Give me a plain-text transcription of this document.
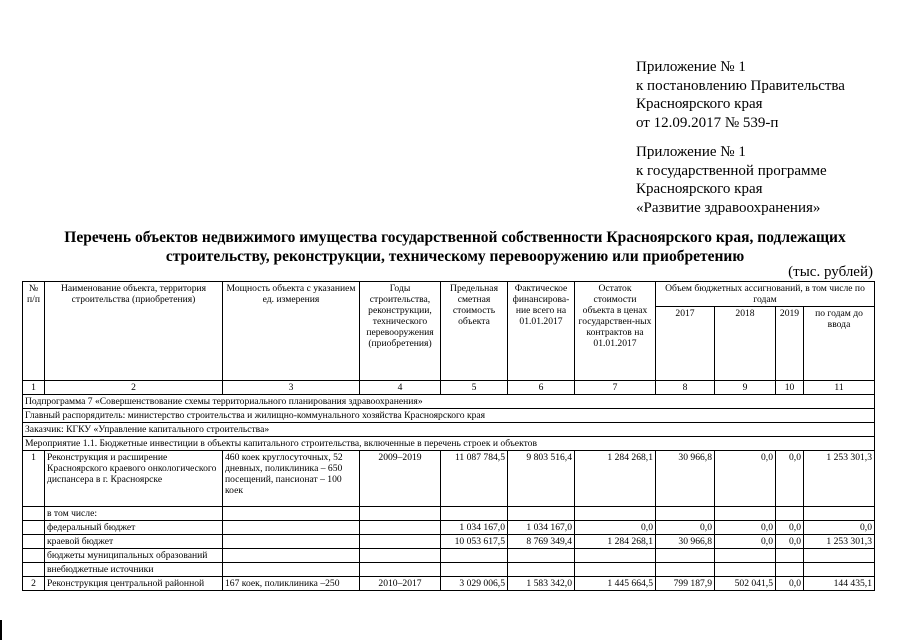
Приложение № 1
к постановлению Правительства
Красноярского края
от 12.09.2017 № 539-п
Приложение № 1
к государственной программе
Красноярского края
«Развитие здравоохранения»
Перечень объектов недвижимого имущества государственной собственности Красноярского края, подлежащих
строительству, реконструкции, техническому перевооружению или приобретению
(тыс. рублей)
№ п/п	Наименование объекта, территория строительства (приобретения)	Мощность объекта с указанием ед. измерения	Годы строительства, реконструкции, технического перевооружения (приобретения)	Предельная сметная стоимость объекта	Фактическое финансирова-ние всего на 01.01.2017	Остаток стоимости объекта в ценах государствен-ных контрактов на 01.01.2017	Объем бюджетных ассигнований, в том числе по годам			
							2017	2018	2019	по годам до ввода
1	2	3	4	5	6	7	8	9	10	11
Подпрограмма 7 «Совершенствование схемы территориального планирования здравоохранения»										
Главный распорядитель: министерство строительства и жилищно-коммунального хозяйства Красноярского края										
Заказчик: КГКУ «Управление капитального строительства»										
Мероприятие 1.1. Бюджетные инвестиции в объекты капитального строительства, включенные в перечень строек и объектов										
1	Реконструкция и расширение Красноярского краевого онкологического диспансера в г. Красноярске	460 коек круглосуточных, 52 дневных, поликлиника – 650 посещений, пансионат – 100 коек	2009–2019	11 087 784,5	9 803 516,4	1 284 268,1	30 966,8	0,0	0,0	1 253 301,3
	в том числе:									
	федеральный бюджет			1 034 167,0	1 034 167,0	0,0	0,0	0,0	0,0	0,0
	краевой бюджет			10 053 617,5	8 769 349,4	1 284 268,1	30 966,8	0,0	0,0	1 253 301,3
	бюджеты муниципальных образований									
	внебюджетные источники									
2	Реконструкция центральной районной	167 коек, поликлиника –250	2010–2017	3 029 006,5	1 583 342,0	1 445 664,5	799 187,9	502 041,5	0,0	144 435,1
